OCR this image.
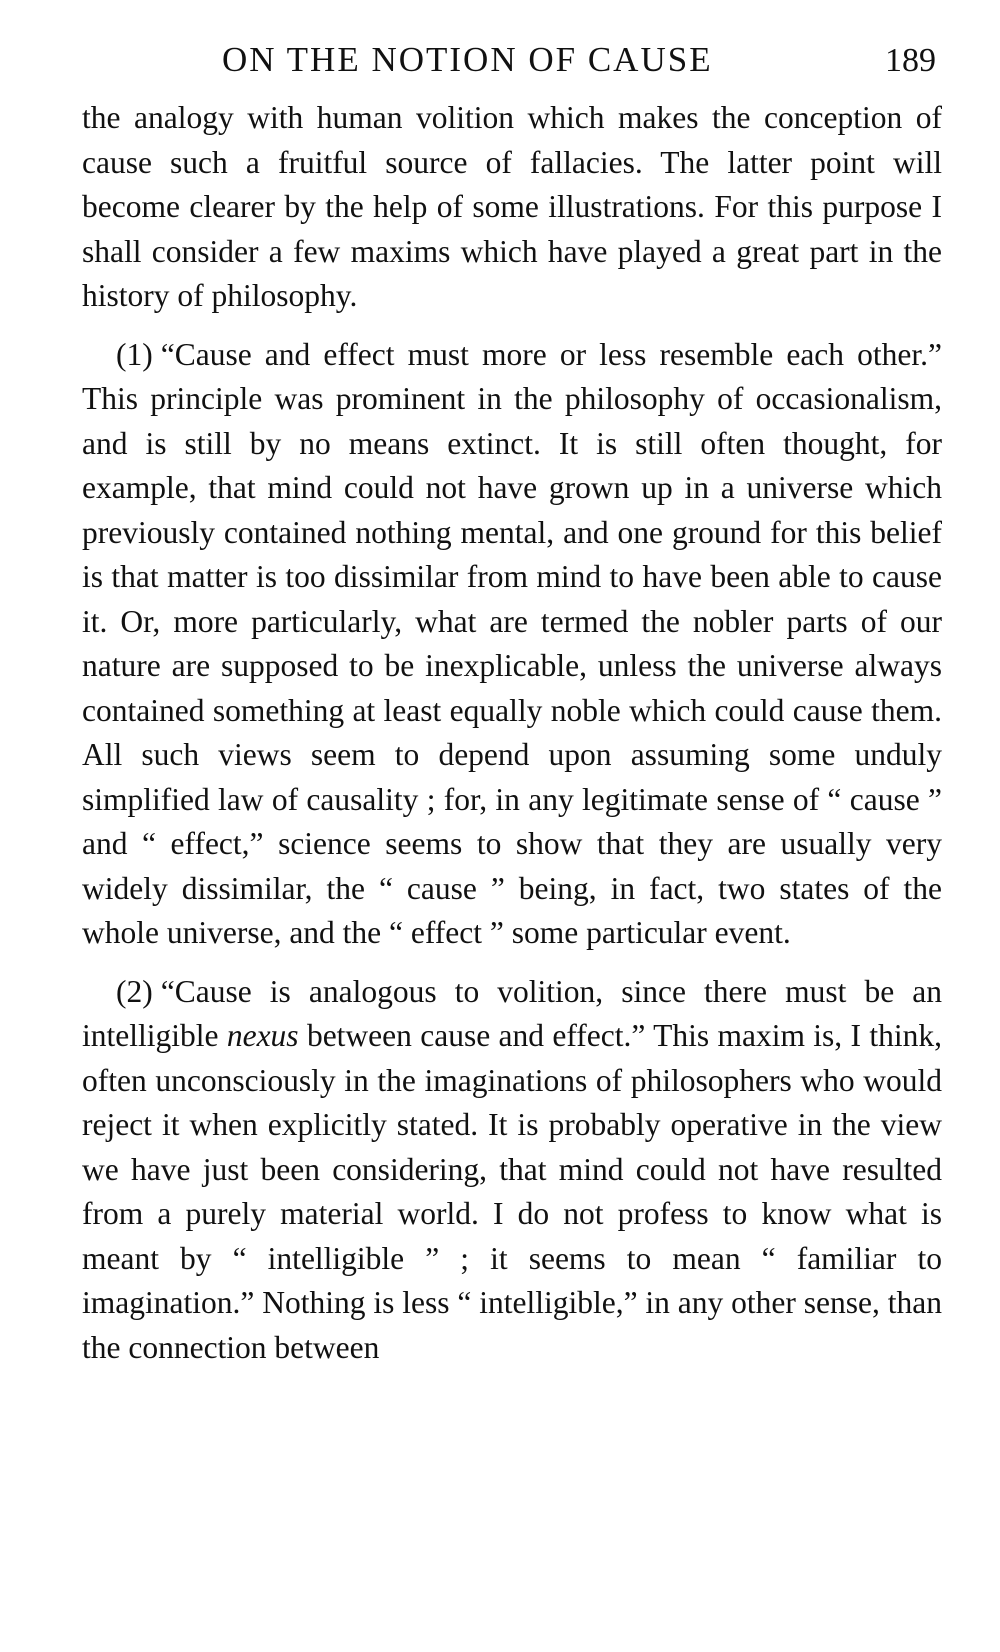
ON THE NOTION OF CAUSE	189

the analogy with human volition which makes the conception of cause such a fruitful source of fallacies. The latter point will become clearer by the help of some illustrations. For this purpose I shall consider a few maxims which have played a great part in the history of philosophy.

(1) “Cause and effect must more or less resemble each other.” This principle was prominent in the philosophy of occasionalism, and is still by no means extinct. It is still often thought, for example, that mind could not have grown up in a universe which previously contained nothing mental, and one ground for this belief is that matter is too dissimilar from mind to have been able to cause it. Or, more particularly, what are termed the nobler parts of our nature are supposed to be inexplicable, unless the universe always contained something at least equally noble which could cause them. All such views seem to depend upon assuming some unduly simplified law of causality ; for, in any legitimate sense of “ cause ” and “ effect,” science seems to show that they are usually very widely dissimilar, the “ cause ” being, in fact, two states of the whole universe, and the “ effect ” some particular event.

(2) “Cause is analogous to volition, since there must be an intelligible nexus between cause and effect.” This maxim is, I think, often unconsciously in the imaginations of philosophers who would reject it when explicitly stated. It is probably operative in the view we have just been considering, that mind could not have resulted from a purely material world. I do not profess to know what is meant by “ intelligible ” ; it seems to mean “ familiar to imagination.” Nothing is less “ intelligible,” in any other sense, than the connection between
